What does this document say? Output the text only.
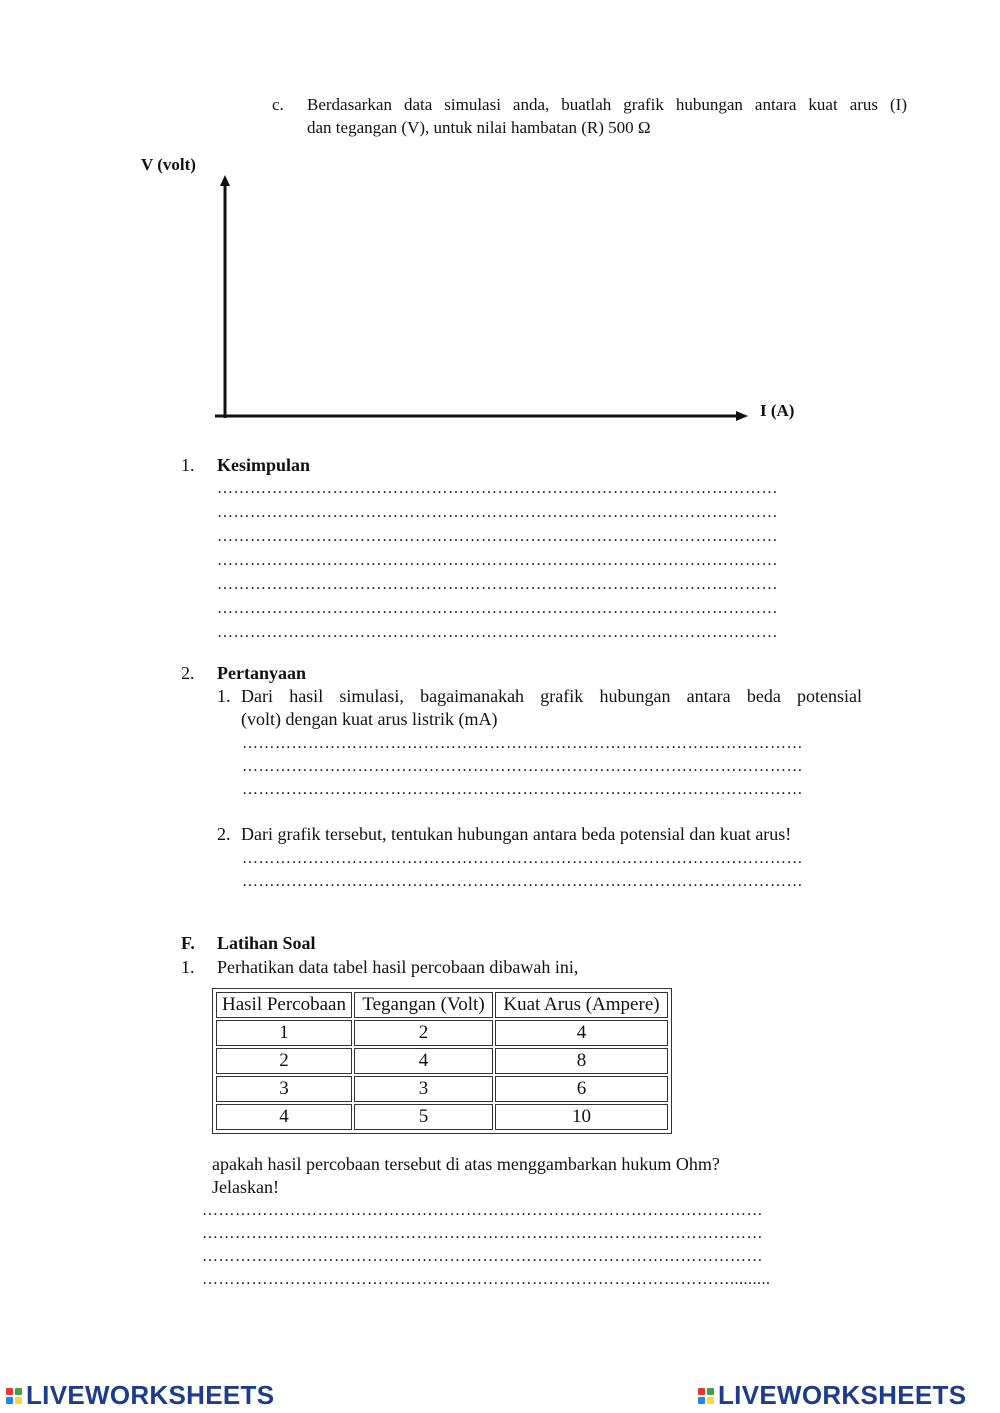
c. Berdasarkan data simulasi anda, buatlah grafik hubungan antara kuat arus (I)
dan tegangan (V), untuk nilai hambatan (R) 500 Ω
V (volt)
I (A)
1. Kesimpulan
…………………………………………………………………………………………
…………………………………………………………………………………………
…………………………………………………………………………………………
…………………………………………………………………………………………
…………………………………………………………………………………………
…………………………………………………………………………………………
…………………………………………………………………………………………
2. Pertanyaan
1. Dari hasil simulasi, bagaimanakah grafik hubungan antara beda potensial
(volt) dengan kuat arus listrik (mA)
…………………………………………………………………………………………
…………………………………………………………………………………………
…………………………………………………………………………………………
2. Dari grafik tersebut, tentukan hubungan antara beda potensial dan kuat arus!
…………………………………………………………………………………………
…………………………………………………………………………………………
F. Latihan Soal
1. Perhatikan data tabel hasil percobaan dibawah ini,
Hasil Percobaan	Tegangan (Volt)	Kuat Arus (Ampere)
1	2	4
2	4	8
3	3	6
4	5	10
apakah hasil percobaan tersebut di atas menggambarkan hukum Ohm?
Jelaskan!
…………………………………………………………………………………………
…………………………………………………………………………………………
…………………………………………………………………………………………
…………………………………………………………………………………….........
LIVEWORKSHEETS	LIVEWORKSHEETS
